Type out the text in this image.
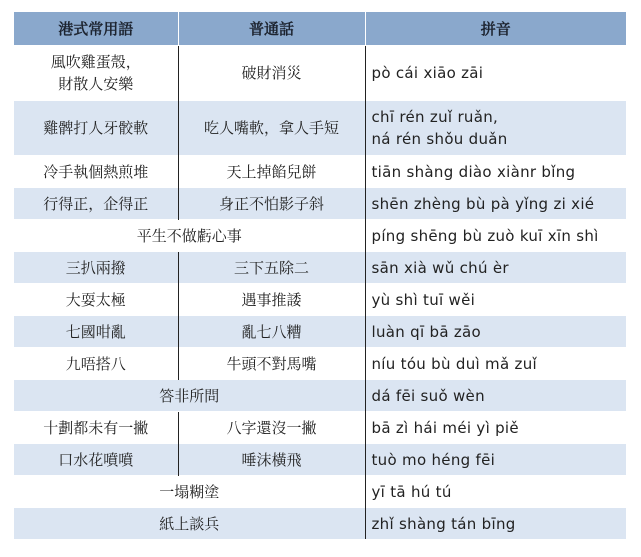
港式常用語	普通話	拼音
風吹雞蛋殼，
財散人安樂	破財消災	pò cái xiāo zāi
雞髀打人牙骹軟	吃人嘴軟，拿人手短	chī rén zuǐ ruǎn,
ná rén shǒu duǎn
冷手執個熱煎堆	天上掉餡兒餅	tiān shàng diào xiànr bǐng
行得正，企得正	身正不怕影子斜	shēn zhèng bù pà yǐng zi xié
平生不做虧心事		píng shēng bù zuò kuī xīn shì
三扒兩撥	三下五除二	sān xià wǔ chú èr
大耍太極	遇事推諉	yù shì tuī wěi
七國咁亂	亂七八糟	luàn qī bā zāo
九唔搭八	牛頭不對馬嘴	níu tóu bù duì mǎ zuǐ
答非所問		dá fēi suǒ wèn
十劃都未有一撇	八字還沒一撇	bā zì hái méi yì piě
口水花噴噴	唾沫橫飛	tuò mo héng fēi
一塌糊塗		yī tā hú tú
紙上談兵		zhǐ shàng tán bīng
